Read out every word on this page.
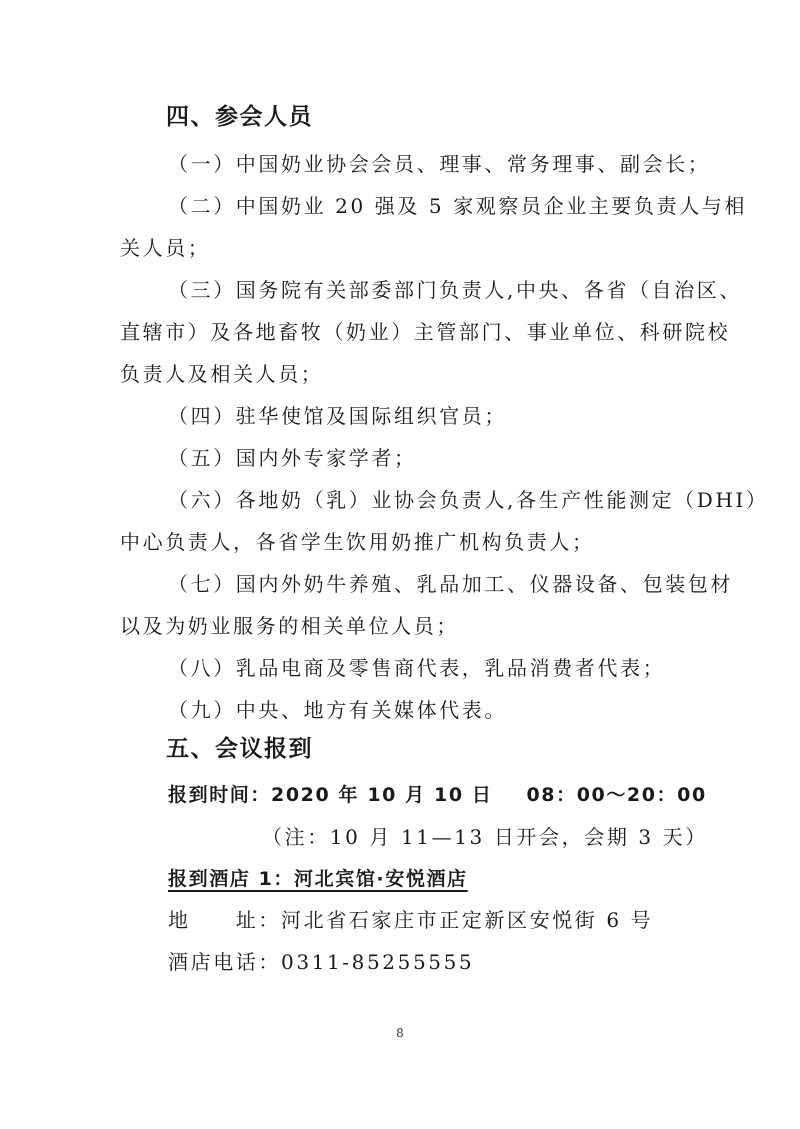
四、参会人员
（一）中国奶业协会会员、理事、常务理事、副会长；
（二）中国奶业 20 强及 5 家观察员企业主要负责人与相
关人员；
（三）国务院有关部委部门负责人,中央、各省（自治区、
直辖市）及各地畜牧（奶业）主管部门、事业单位、科研院校
负责人及相关人员；
（四）驻华使馆及国际组织官员；
（五）国内外专家学者；
（六）各地奶（乳）业协会负责人,各生产性能测定（DHI）
中心负责人，各省学生饮用奶推广机构负责人；
（七）国内外奶牛养殖、乳品加工、仪器设备、包装包材
以及为奶业服务的相关单位人员；
（八）乳品电商及零售商代表，乳品消费者代表；
（九）中央、地方有关媒体代表。
五、会议报到
报到时间：2020 年 10 月 10 日 08：00～20：00
（注：10 月 11—13 日开会，会期 3 天）
报到酒店 1：河北宾馆·安悦酒店
地　　址：河北省石家庄市正定新区安悦街 6 号
酒店电话：0311-85255555
8
